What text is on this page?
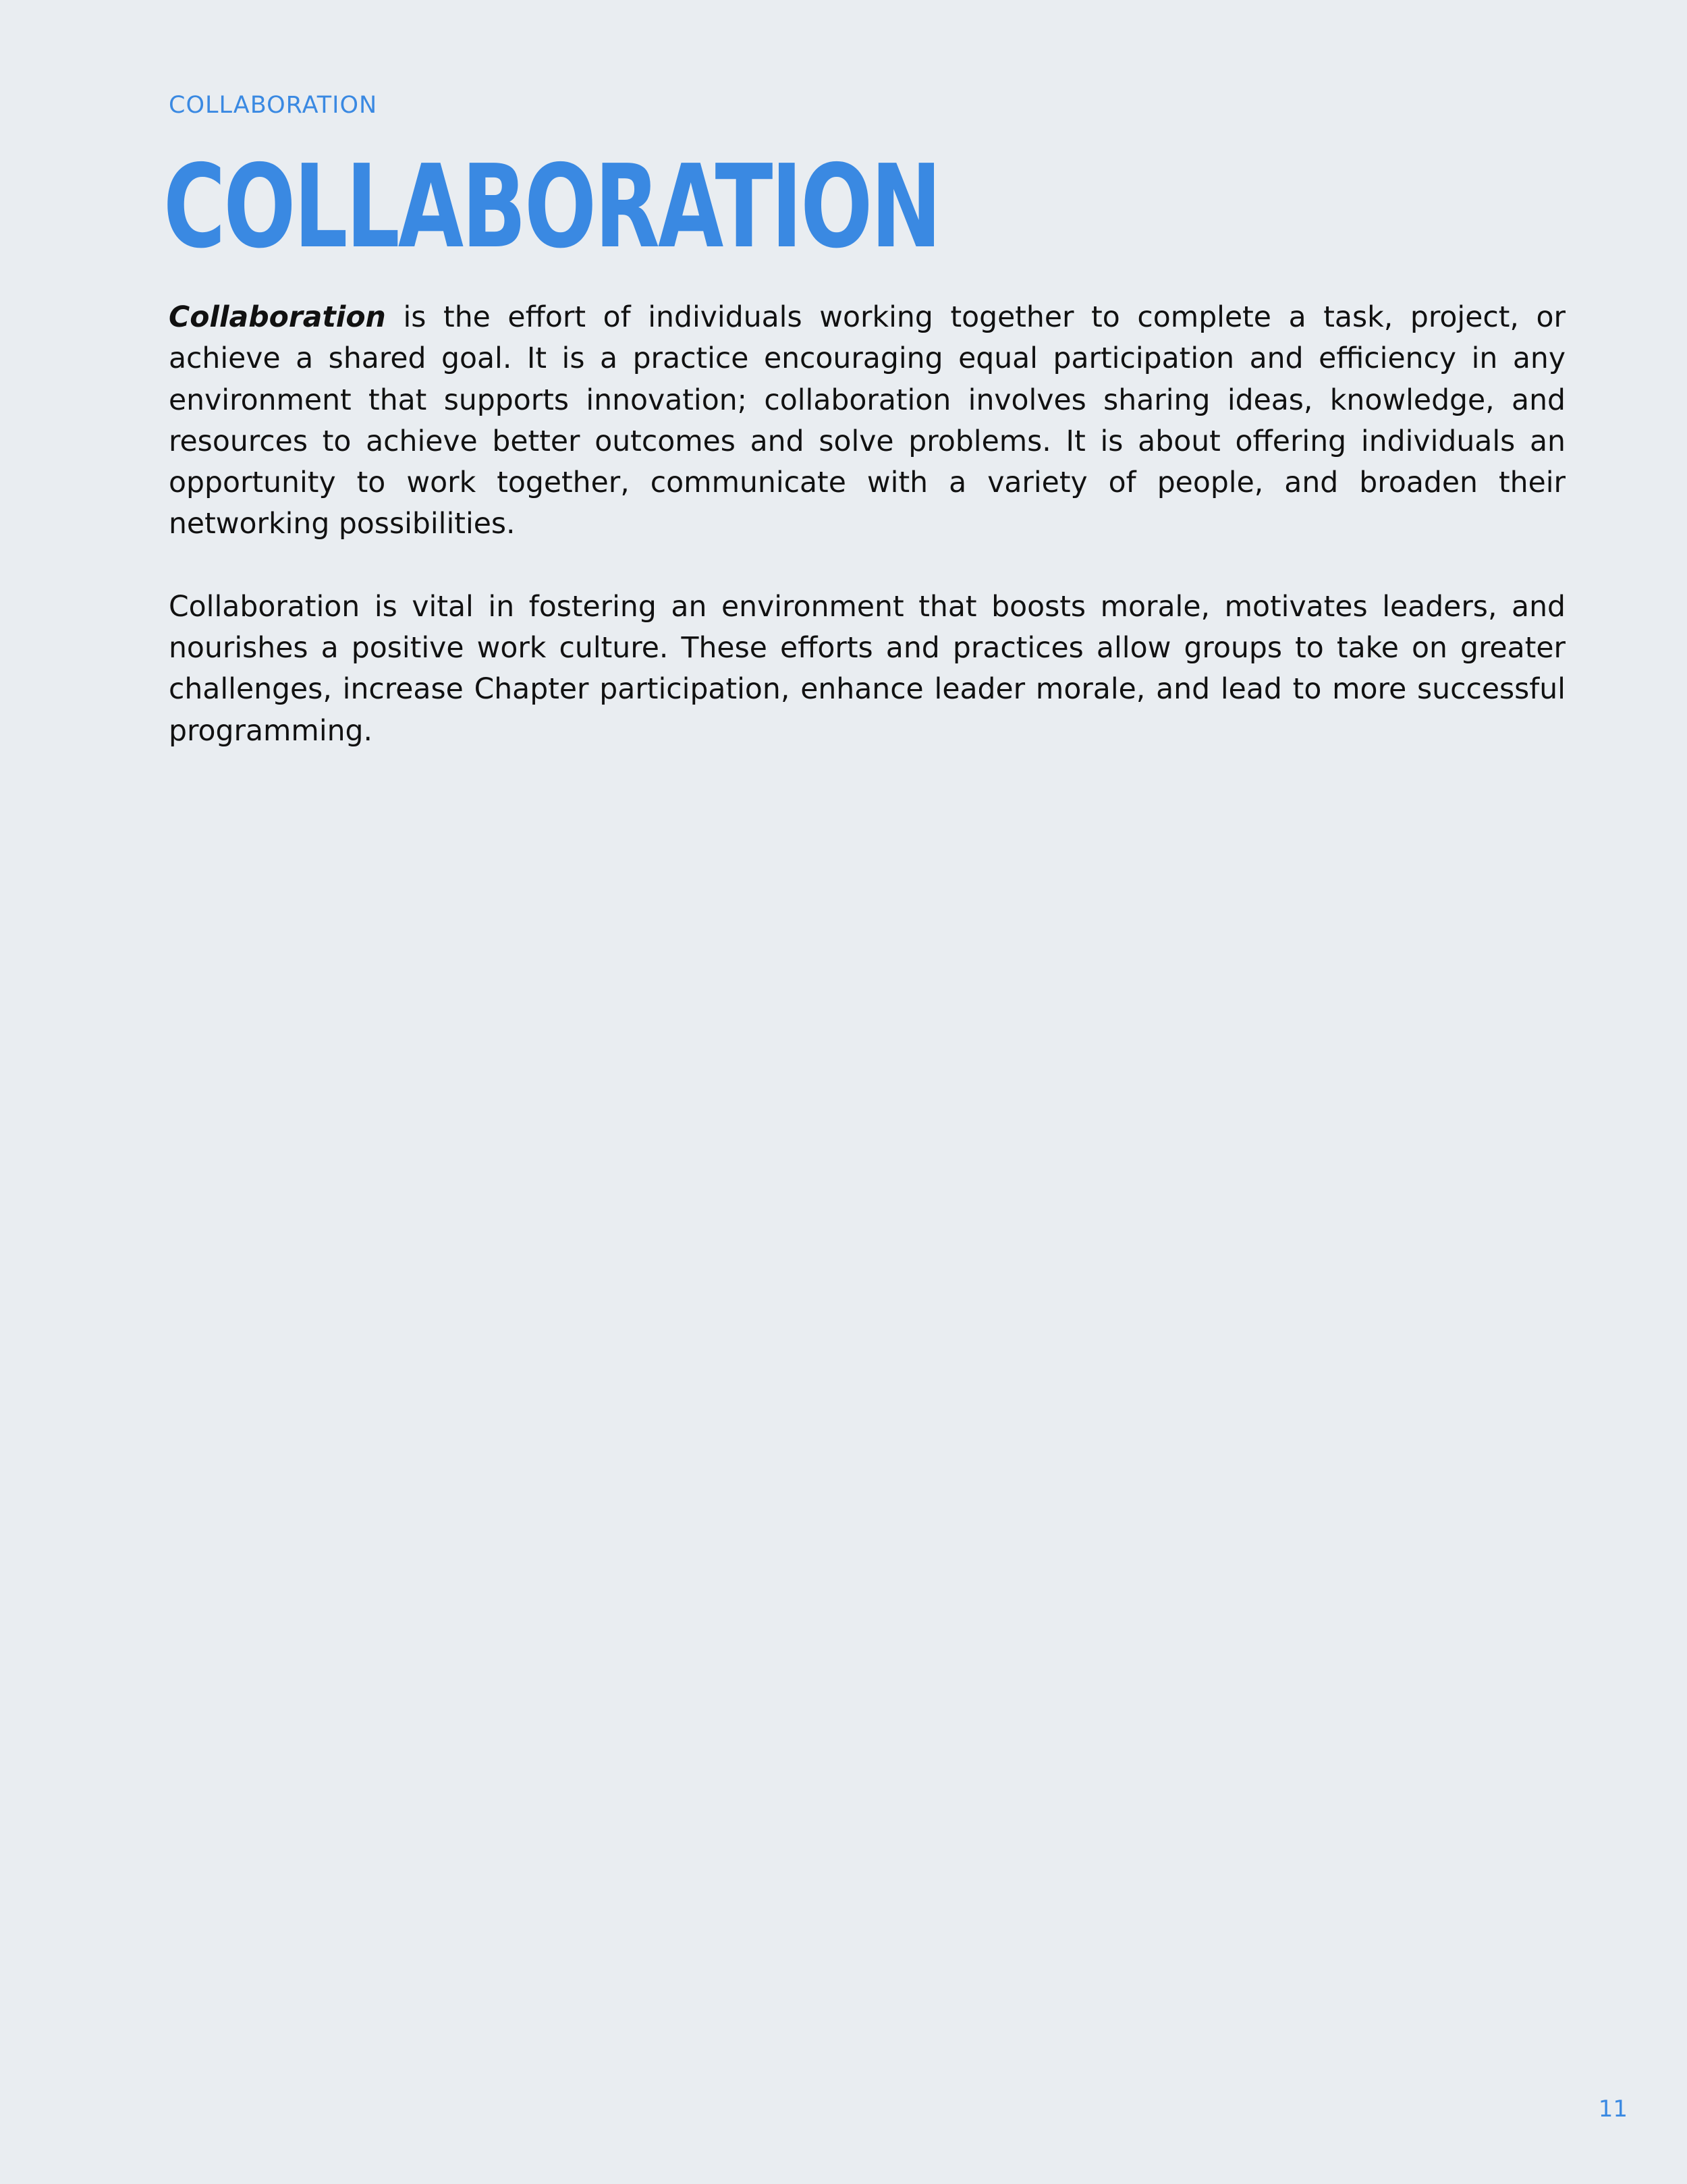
COLLABORATION
COLLABORATION

Collaboration is the effort of individuals working together to complete a task, project, or achieve a shared goal. It is a practice encouraging equal participation and efficiency in any environment that supports innovation; collaboration involves sharing ideas, knowledge, and resources to achieve better outcomes and solve problems. It is about offering individuals an opportunity to work together, communicate with a variety of people, and broaden their networking possibilities.

Collaboration is vital in fostering an environment that boosts morale, motivates leaders, and nourishes a positive work culture. These efforts and practices allow groups to take on greater challenges, increase Chapter participation, enhance leader morale, and lead to more successful programming.

11
